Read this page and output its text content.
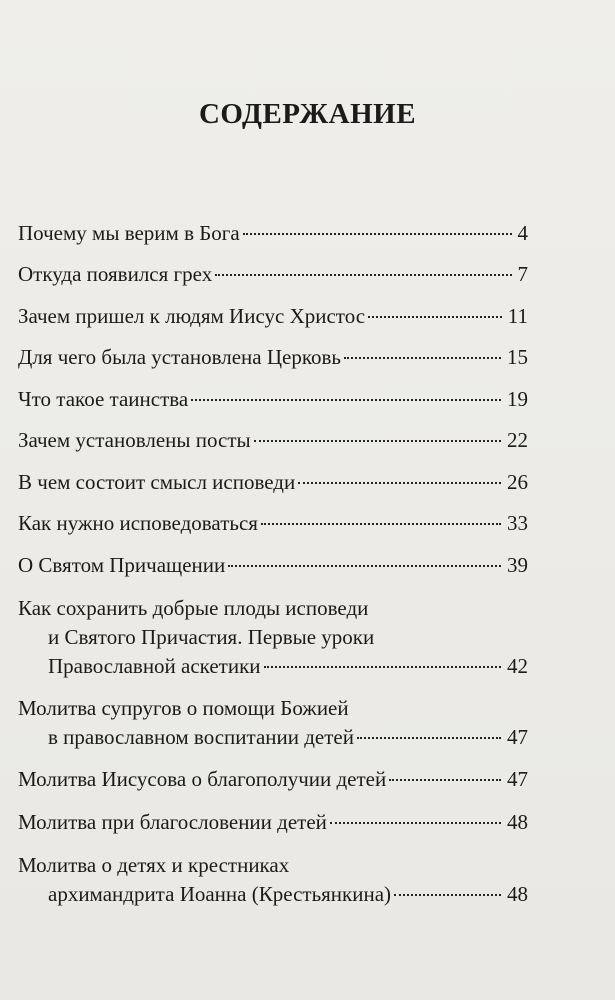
СОДЕРЖАНИЕ
Почему мы верим в Бога	4
Откуда появился грех	7
Зачем пришел к людям Иисус Христос	11
Для чего была установлена Церковь	15
Что такое таинства	19
Зачем установлены посты	22
В чем состоит смысл исповеди	26
Как нужно исповедоваться	33
О Святом Причащении	39
Как сохранить добрые плоды исповеди
и Святого Причастия. Первые уроки
Православной аскетики	42
Молитва супругов о помощи Божией
в православном воспитании детей	47
Молитва Иисусова о благополучии детей	47
Молитва при благословении детей	48
Молитва о детях и крестниках
архимандрита Иоанна (Крестьянкина)	48
